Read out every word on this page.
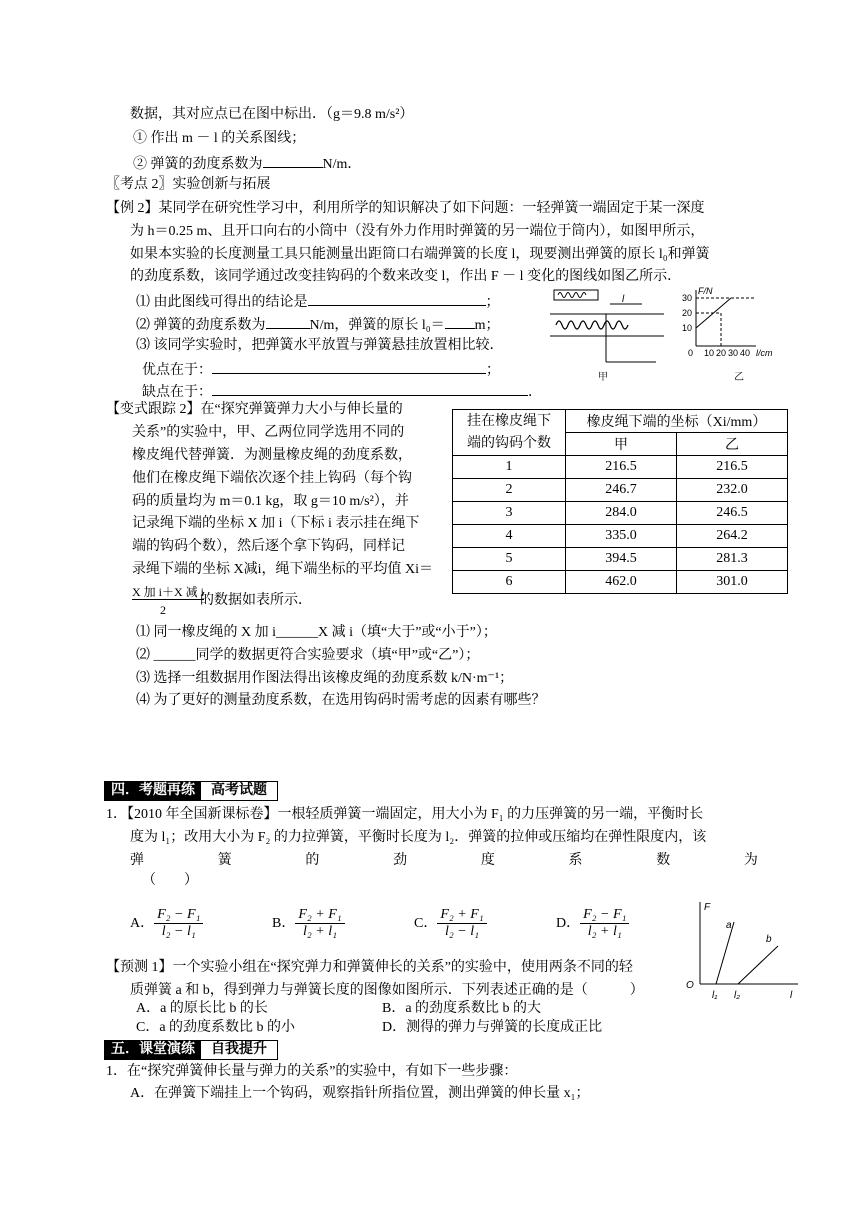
数据，其对应点已在图中标出．（g＝9.8 m/s²）
① 作出 m － l 的关系图线；
② 弹簧的劲度系数为	N/m．
〖考点 2〗实验创新与拓展
【例 2】某同学在研究性学习中，利用所学的知识解决了如下问题：一轻弹簧一端固定于某一深度
为 h＝0.25 m、且开口向右的小筒中（没有外力作用时弹簧的另一端位于筒内），如图甲所示，
如果本实验的长度测量工具只能测量出距筒口右端弹簧的长度 l，现要测出弹簧的原长 l₀和弹簧
的劲度系数，该同学通过改变挂钩码的个数来改变 l，作出 F － l 变化的图线如图乙所示．
⑴ 由此图线可得出的结论是	；
⑵ 弹簧的劲度系数为	N/m，弹簧的原长 l₀＝ m；
⑶ 该同学实验时，把弹簧水平放置与弹簧悬挂放置相比较．
优点在于：	；
缺点在于：	．
l
甲
F/N
30
20
10
0 10 20 30 40 l/cm
乙
【变式跟踪 2】在“探究弹簧弹力大小与伸长量的
关系”的实验中，甲、乙两位同学选用不同的
橡皮绳代替弹簧．为测量橡皮绳的劲度系数，
他们在橡皮绳下端依次逐个挂上钩码（每个钩
码的质量均为 m＝0.1 kg，取 g＝10 m/s²），并
记录绳下端的坐标 X 加 i（下标 i 表示挂在绳下
端的钩码个数），然后逐个拿下钩码，同样记
录绳下端的坐标 X减i，绳下端坐标的平均值 Xi＝
X 加 i＋X 减 i
2
的数据如表所示．
挂在橡皮绳下
端的钩码个数	橡皮绳下端的坐标（Xi/mm）	
	甲	乙
1	216.5	216.5
2	246.7	232.0
3	284.0	246.5
4	335.0	264.2
5	394.5	281.3
6	462.0	301.0
⑴ 同一橡皮绳的 X 加 i______X 减 i（填“大于”或“小于”）；
⑵ ______同学的数据更符合实验要求（填“甲”或“乙”）；
⑶ 选择一组数据用作图法得出该橡皮绳的劲度系数 k/N·m⁻¹；
⑷ 为了更好的测量劲度系数，在选用钩码时需考虑的因素有哪些？
四．考题再练 高考试题
1．【2010 年全国新课标卷】一根轻质弹簧一端固定，用大小为 F₁ 的力压弹簧的另一端，平衡时长
度为 l₁；改用大小为 F₂ 的力拉弹簧，平衡时长度为 l₂．弹簧的拉伸或压缩均在弹性限度内，该
弹	簧	的	劲	度	系	数	为
（　　）
A． $\frac{\text{F₂ − F₁}}{\text{l₂ − l₁}}$	B． $\frac{\text{F₂ + F₁}}{\text{l₂ + l₁}}$	C． $\frac{\text{F₂ + F₁}}{\text{l₂ − l₁}}$	D． $\frac{\text{F₂ − F₁}}{\text{l₂ + l₁}}$	F
O
a
b
l₁ l₂	l
【预测 1】一个实验小组在“探究弹力和弹簧伸长的关系”的实验中，使用两条不同的轻
质弹簧 a 和 b，得到弹力与弹簧长度的图像如图所示．下列表述正确的是（　　　）
A．a 的原长比 b 的长	B．a 的劲度系数比 b 的大
C．a 的劲度系数比 b 的小	D．测得的弹力与弹簧的长度成正比
五．课堂演练 自我提升
1．在“探究弹簧伸长量与弹力的关系”的实验中，有如下一些步骤：
A．在弹簧下端挂上一个钩码，观察指针所指位置，测出弹簧的伸长量 x₁；
